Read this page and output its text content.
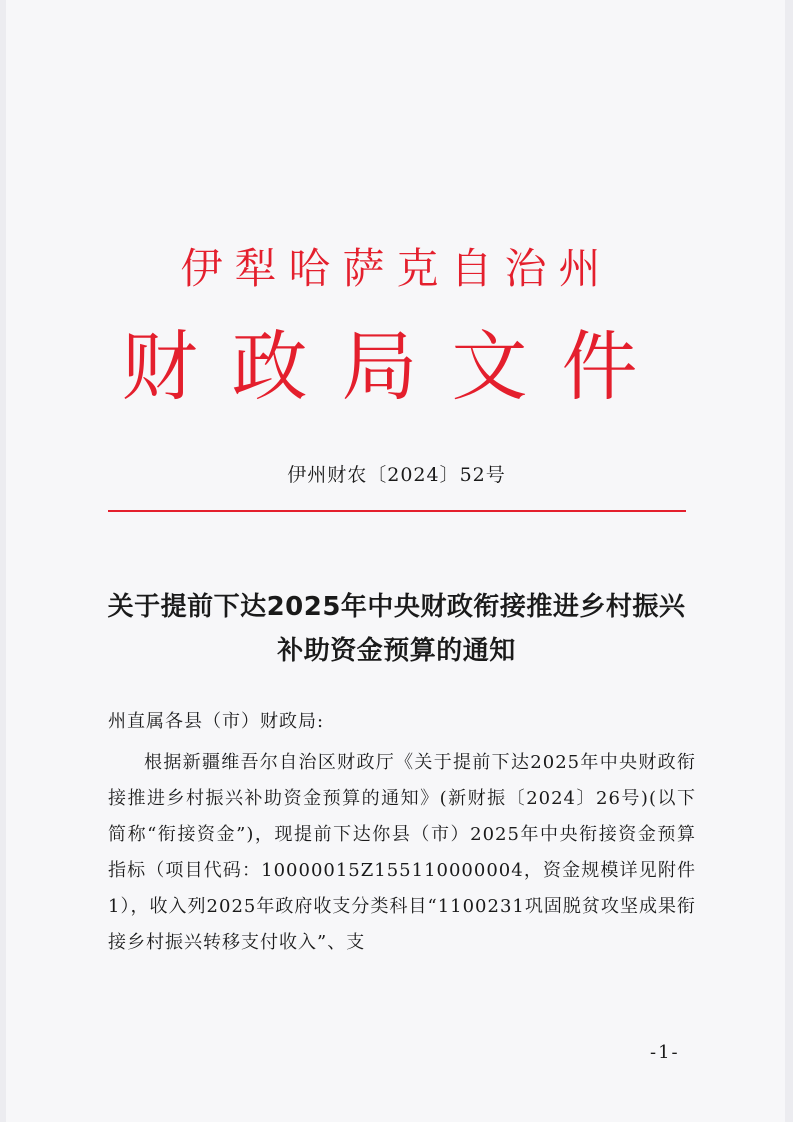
伊犁哈萨克自治州
财政局文件
伊州财农〔2024〕52号
关于提前下达2025年中央财政衔接推进乡村振兴
补助资金预算的通知
州直属各县（市）财政局:
根据新疆维吾尔自治区财政厅《关于提前下达2025年中央财政衔接推进乡村振兴补助资金预算的通知》(新财振〔2024〕26号)(以下简称“衔接资金”)，现提前下达你县（市）2025年中央衔接资金预算指标（项目代码：10000015Z155110000004，资金规模详见附件1），收入列2025年政府收支分类科目“1100231巩固脱贫攻坚成果衔接乡村振兴转移支付收入”、支
-1-
